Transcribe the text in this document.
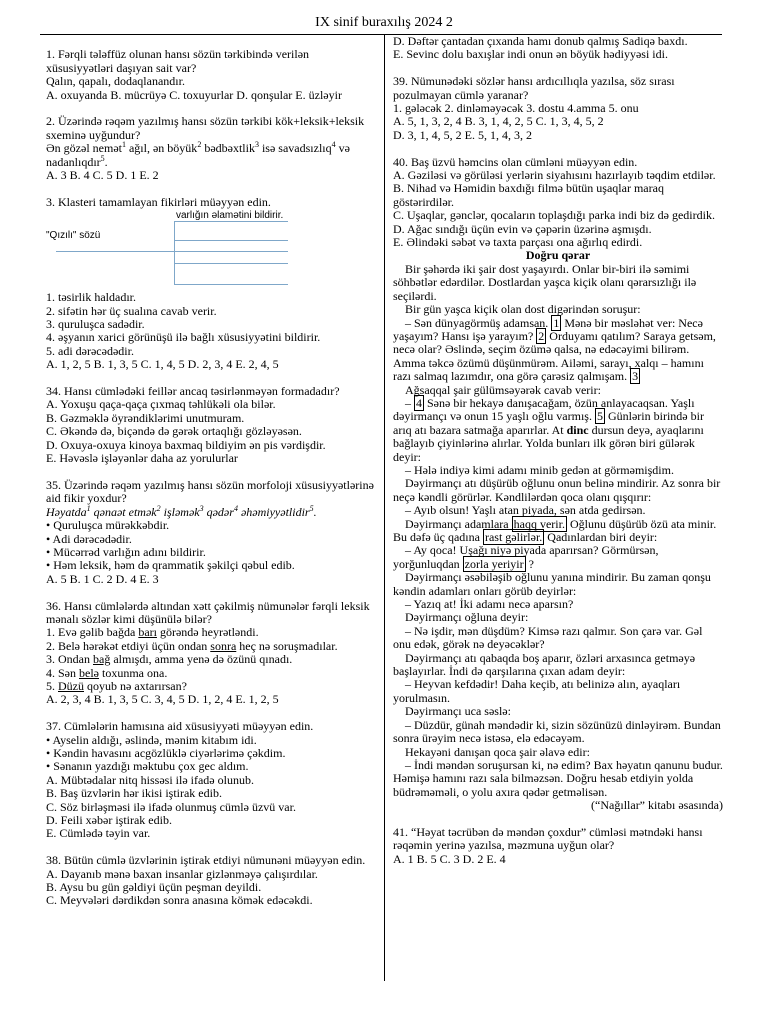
IX sinif buraxılış 2024 2

1. Fərqli tələffüz olunan hansı sözün tərkibində verilən xüsusiyyətləri daşıyan sait var?

Qalın, qapalı, dodaqlanandır.

A. oxuyanda B. mücrüyə C. toxuyurlar D. qonşular E. üzləyir

2. Üzərində rəqəm yazılmış hansı sözün tərkibi kök+leksik+leksik sxeminə uyğundur?

Ən gözəl nemət$^1$ ağıl, ən böyük$^2$ bədbəxtlik$^3$ isə savadsızlıq$^4$ və nadanlıqdır$^5$.

A. 3 B. 4 C. 5 D. 1 E. 2

3. Klasteri tamamlayan fikirləri müəyyən edin.

varlığın əlamətini bildirir.
"Qızılı" sözü

1. təsirlik haldadır.

2. sifətin hər üç sualına cavab verir.

3. quruluşca sadədir.

4. əşyanın xarici görünüşü ilə bağlı xüsusiyyətini bildirir.

5. adi dərəcədədir.

A. 1, 2, 5 B. 1, 3, 5 C. 1, 4, 5 D. 2, 3, 4 E. 2, 4, 5

34. Hansı cümlədəki feillər ancaq təsirlənməyən formadadır?

A. Yoxuşu qaça-qaça çıxmaq təhlükəli ola bilər.

B. Gəzməklə öyrəndiklərimi unutmuram.

C. Əkəndə də, biçəndə də gərək ortaqlığı gözləyəsən.

D. Oxuya-oxuya kinoya baxmaq bildiyim ən pis vərdişdir.

E. Həvəslə işləyənlər daha az yorulurlar

35. Üzərində rəqəm yazılmış hansı sözün morfoloji xüsusiyyətlərinə aid fikir yoxdur?

Həyatda$^1$ qənaət etmək$^2$ işləmək$^3$ qədər$^4$ əhəmiyyətlidir$^5$.

• Quruluşca mürəkkəbdir.

• Adi dərəcədədir.

• Mücərrəd varlığın adını bildirir.

• Həm leksik, həm də qrammatik şəkilçi qəbul edib.

A. 5 B. 1 C. 2 D. 4 E. 3

36. Hansı cümlələrdə altından xətt çəkilmiş nümunələr fərqli leksik mənalı sözlər kimi düşünülə bilər?

1. Evə gəlib bağda barı görəndə heyrətləndi.

2. Belə hərəkət etdiyi üçün ondan sonra heç nə soruşmadılar.

3. Ondan bağ almışdı, amma yenə də özünü qınadı.

4. Sən belə toxunma ona.

5. Düzü qoyub nə axtarırsan?

A. 2, 3, 4 B. 1, 3, 5 C. 3, 4, 5 D. 1, 2, 4 E. 1, 2, 5

37. Cümlələrin hamısına aid xüsusiyyəti müəyyən edin.

• Ayselin aldığı, əslində, mənim kitabım idi.

• Kəndin havasını acgözlüklə ciyərlərimə çəkdim.

• Sənanın yazdığı məktubu çox gec aldım.

A. Mübtədalar nitq hissəsi ilə ifadə olunub.

B. Baş üzvlərin hər ikisi iştirak edib.

C. Söz birləşməsi ilə ifadə olunmuş cümlə üzvü var.

D. Feili xəbər iştirak edib.

E. Cümlədə təyin var.

38. Bütün cümlə üzvlərinin iştirak etdiyi nümunəni müəyyən edin.

A. Dayanıb mənə baxan insanlar gizlənməyə çalışırdılar.

B. Aysu bu gün gəldiyi üçün peşman deyildi.

C. Meyvələri dərdikdən sonra anasına kömək edəcəkdi.

D. Dəftər çantadan çıxanda hamı donub qalmış Sadiqə baxdı.

E. Sevinc dolu baxışlar indi onun ən böyük hədiyyəsi idi.

39. Nümunədəki sözlər hansı ardıcıllıqla yazılsa, söz sırası pozulmayan cümlə yaranar?

1. gələcək 2. dinləməyəcək 3. dostu 4.amma 5. onu

A. 5, 1, 3, 2, 4 B. 3, 1, 4, 2, 5 C. 1, 3, 4, 5, 2

D. 3, 1, 4, 5, 2 E. 5, 1, 4, 3, 2

40. Baş üzvü həmcins olan cümləni müəyyən edin.

A. Gəziləsi və görüləsi yerlərin siyahısını hazırlayıb təqdim etdilər.

B. Nihad və Həmidin baxdığı filmə bütün uşaqlar maraq göstərirdilər.

C. Uşaqlar, gənclər, qocaların toplaşdığı parka indi biz də gedirdik.

D. Ağac sındığı üçün evin və çəpərin üzərinə aşmışdı.

E. Əlindəki səbət və taxta parçası ona ağırlıq edirdi.

Doğru qərar

Bir şəhərdə iki şair dost yaşayırdı. Onlar bir-biri ilə səmimi söhbətlər edərdilər. Dostlardan yaşca kiçik olanı qərarsızlığı ilə seçilərdi.

Bir gün yaşca kiçik olan dost digərindən soruşur:

– Sən dünyagörmüş adamsan. 1 Mənə bir məsləhət ver: Necə yaşayım? Hansı işə yarayım? 2 Orduyamı qatılım? Saraya getsəm, necə olar? Əslində, seçim özümə qalsa, nə edəcəyimi bilirəm. Amma təkcə özümü düşünmürəm. Ailəmi, sarayı, xalqı – hamını razı salmaq lazımdır, ona görə çarəsiz qalmışam. 3

Ağsaqqal şair gülümsəyərək cavab verir:

– 4 Sənə bir hekayə danışacağam, özün anlayacaqsan. Yaşlı dəyirmançı və onun 15 yaşlı oğlu varmış. 5 Günlərin birində bir arıq atı bazara satmağa aparırlar. At dinc dursun deyə, ayaqlarını bağlayıb çiyinlərinə alırlar. Yolda bunları ilk görən biri gülərək deyir:

– Hələ indiyə kimi adamı minib gedən at görməmişdim.

Dəyirmançı atı düşürüb oğlunu onun belinə mindirir. Az sonra bir neçə kəndli görürlər. Kəndlilərdən qoca olanı qışqırır:

– Ayıb olsun! Yaşlı atan piyada, sən atda gedirsən.

Dəyirmançı adamlara haqq verir. Oğlunu düşürüb özü ata minir. Bu dəfə üç qadına rast gəlirlər. Qadınlardan biri deyir:

– Ay qoca! Uşağı niyə piyada aparırsan? Görmürsən, yorğunluqdan zorla yeriyir ?

Dəyirmançı əsəbiləşib oğlunu yanına mindirir. Bu zaman qonşu kəndin adamları onları görüb deyirlər:

– Yazıq at! İki adamı necə aparsın?

Dəyirmançı oğluna deyir:

– Nə işdir, mən düşdüm? Kimsə razı qalmır. Son çarə var. Gəl onu edək, görək nə deyəcəklər?

Dəyirmançı atı qabaqda boş aparır, özləri arxasınca getməyə başlayırlar. İndi də qarşılarına çıxan adam deyir:

– Heyvan kefdədir! Daha keçib, atı belinizə alın, ayaqları yorulmasın.

Dəyirmançı uca səslə:

– Düzdür, günah məndədir ki, sizin sözünüzü dinləyirəm. Bundan sonra ürəyim necə istəsə, elə edəcəyəm.

Hekayəni danışan qoca şair əlavə edir:

– İndi məndən soruşursan ki, nə edim? Bax həyatın qanunu budur. Həmişə hamını razı sala bilməzsən. Doğru hesab etdiyin yolda büdrəməməli, o yolu axıra qədər getməlisən.

(“Nağıllar” kitabı əsasında)

41. “Həyat təcrübən də məndən çoxdur” cümləsi mətndəki hansı rəqəmin yerinə yazılsa, məzmuna uyğun olar?

A. 1 B. 5 C. 3 D. 2 E. 4
